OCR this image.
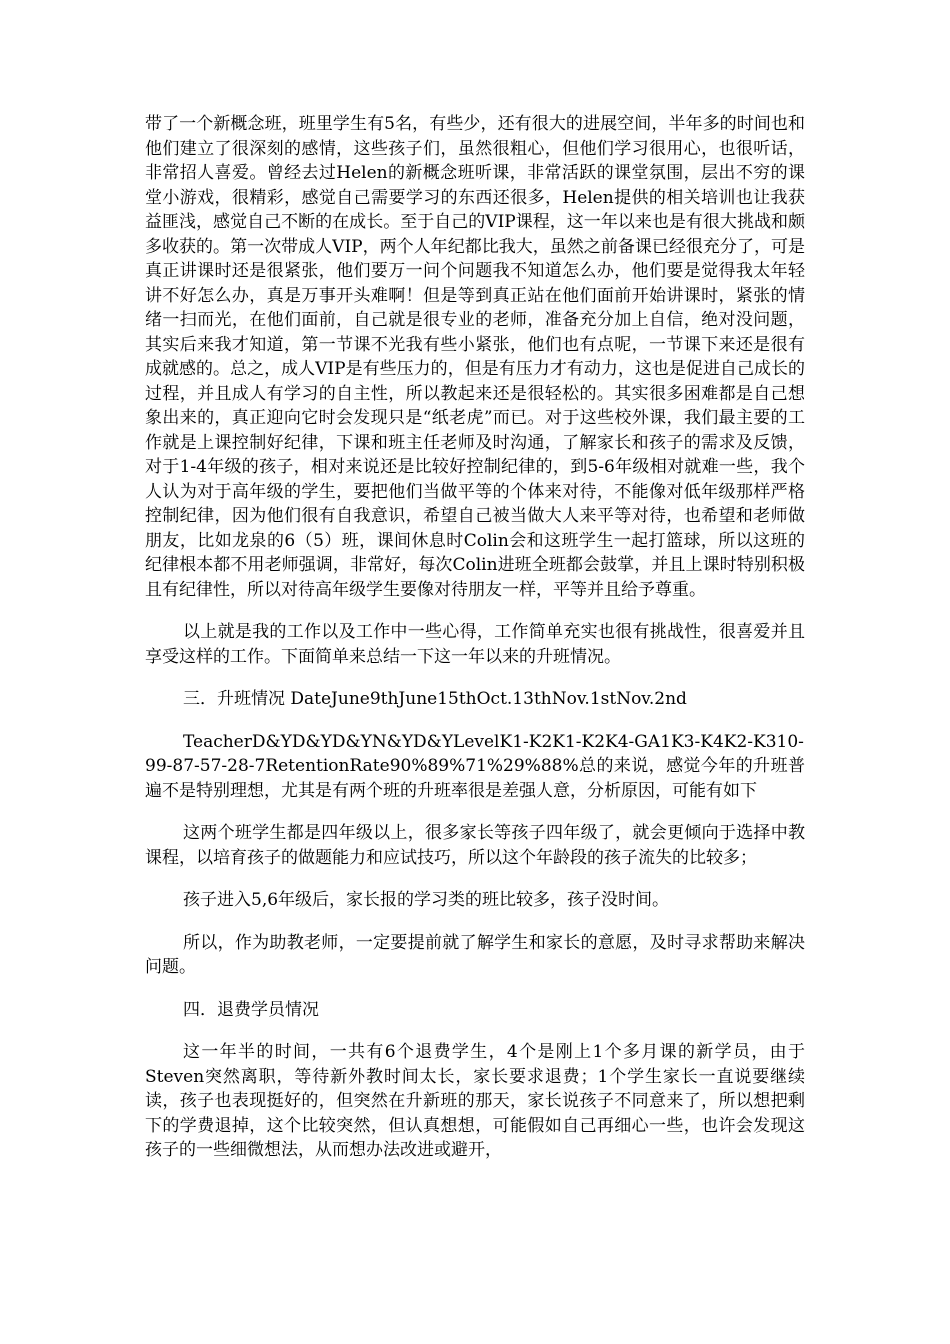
带了一个新概念班，班里学生有5名，有些少，还有很大的进展空间，半年多的时间也和他们建立了很深刻的感情，这些孩子们，虽然很粗心，但他们学习很用心，也很听话，非常招人喜爱。曾经去过Helen的新概念班听课，非常活跃的课堂氛围，层出不穷的课堂小游戏，很精彩，感觉自己需要学习的东西还很多，Helen提供的相关培训也让我获益匪浅，感觉自己不断的在成长。至于自己的VIP课程，这一年以来也是有很大挑战和颇多收获的。第一次带成人VIP，两个人年纪都比我大，虽然之前备课已经很充分了，可是真正讲课时还是很紧张，他们要万一问个问题我不知道怎么办，他们要是觉得我太年轻讲不好怎么办，真是万事开头难啊！但是等到真正站在他们面前开始讲课时，紧张的情绪一扫而光，在他们面前，自己就是很专业的老师，准备充分加上自信，绝对没问题，其实后来我才知道，第一节课不光我有些小紧张，他们也有点呢，一节课下来还是很有成就感的。总之，成人VIP是有些压力的，但是有压力才有动力，这也是促进自己成长的过程，并且成人有学习的自主性，所以教起来还是很轻松的。其实很多困难都是自己想象出来的，真正迎向它时会发现只是“纸老虎”而已。对于这些校外课，我们最主要的工作就是上课控制好纪律，下课和班主任老师及时沟通，了解家长和孩子的需求及反馈，对于1-4年级的孩子，相对来说还是比较好控制纪律的，到5-6年级相对就难一些，我个人认为对于高年级的学生，要把他们当做平等的个体来对待，不能像对低年级那样严格控制纪律，因为他们很有自我意识，希望自己被当做大人来平等对待，也希望和老师做朋友，比如龙泉的6（5）班，课间休息时Colin会和这班学生一起打篮球，所以这班的纪律根本都不用老师强调，非常好，每次Colin进班全班都会鼓掌，并且上课时特别积极且有纪律性，所以对待高年级学生要像对待朋友一样，平等并且给予尊重。

以上就是我的工作以及工作中一些心得，工作简单充实也很有挑战性，很喜爱并且享受这样的工作。下面简单来总结一下这一年以来的升班情况。

三．升班情况 DateJune9thJune15thOct.13thNov.1stNov.2nd

TeacherD&YD&YD&YN&YD&YLevelK1-K2K1-K2K4-GA1K3-K4K2-K310-99-87-57-28-7RetentionRate90%89%71%29%88%总的来说，感觉今年的升班普遍不是特别理想，尤其是有两个班的升班率很是差强人意，分析原因，可能有如下

这两个班学生都是四年级以上，很多家长等孩子四年级了，就会更倾向于选择中教课程，以培育孩子的做题能力和应试技巧，所以这个年龄段的孩子流失的比较多；

孩子进入5,6年级后，家长报的学习类的班比较多，孩子没时间。

所以，作为助教老师，一定要提前就了解学生和家长的意愿，及时寻求帮助来解决问题。

四．退费学员情况

这一年半的时间，一共有6个退费学生，4个是刚上1个多月课的新学员，由于Steven突然离职，等待新外教时间太长，家长要求退费；1个学生家长一直说要继续读，孩子也表现挺好的，但突然在升新班的那天，家长说孩子不同意来了，所以想把剩下的学费退掉，这个比较突然，但认真想想，可能假如自己再细心一些，也许会发现这孩子的一些细微想法，从而想办法改进或避开，
